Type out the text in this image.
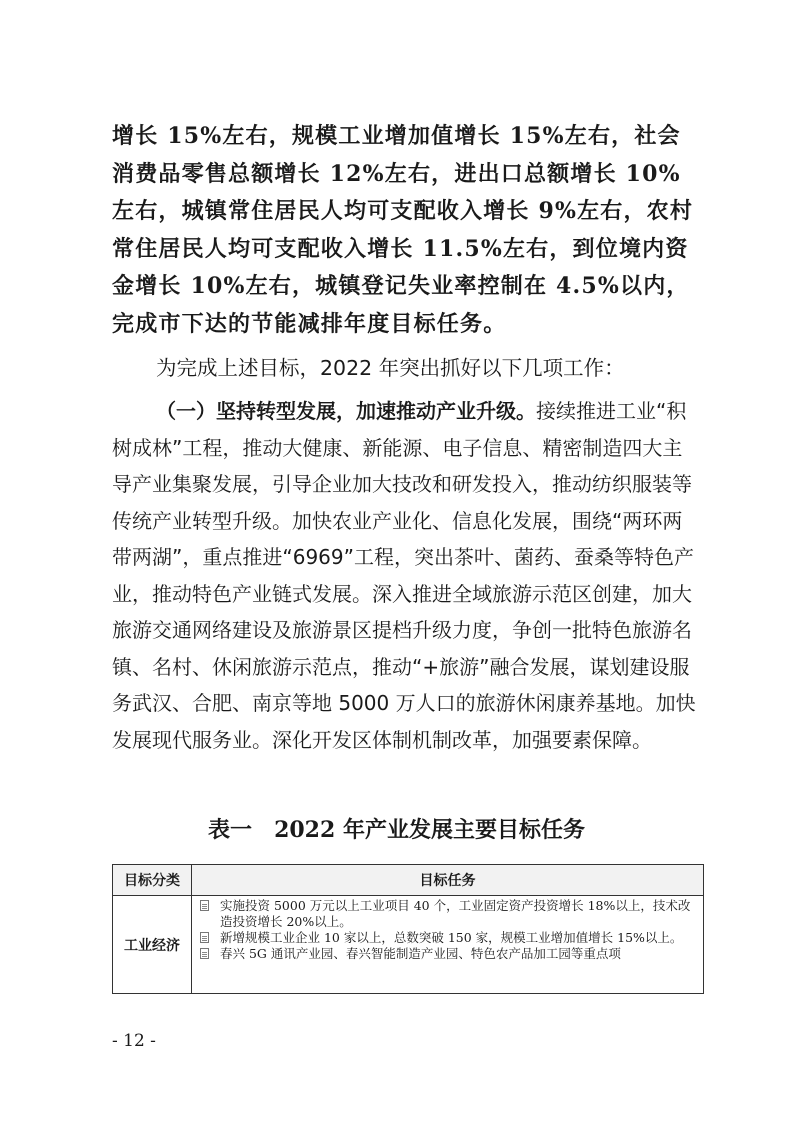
增长 15%左右，规模工业增加值增长 15%左右，社会消费品零售总额增长 12%左右，进出口总额增长 10%左右，城镇常住居民人均可支配收入增长 9%左右，农村常住居民人均可支配收入增长 11.5%左右，到位境内资金增长 10%左右，城镇登记失业率控制在 4.5%以内，完成市下达的节能减排年度目标任务。
为完成上述目标，2022 年突出抓好以下几项工作：
（一）坚持转型发展，加速推动产业升级。接续推进工业“积树成林”工程，推动大健康、新能源、电子信息、精密制造四大主导产业集聚发展，引导企业加大技改和研发投入，推动纺织服装等传统产业转型升级。加快农业产业化、信息化发展，围绕“两环两带两湖”，重点推进“6969”工程，突出茶叶、菌药、蚕桑等特色产业，推动特色产业链式发展。深入推进全域旅游示范区创建，加大旅游交通网络建设及旅游景区提档升级力度，争创一批特色旅游名镇、名村、休闲旅游示范点，推动“+旅游”融合发展，谋划建设服务武汉、合肥、南京等地 5000 万人口的旅游休闲康养基地。加快发展现代服务业。深化开发区体制机制改革，加强要素保障。
表一 2022 年产业发展主要目标任务
目标分类	目标任务
工业经济	实施投资 5000 万元以上工业项目 40 个，工业固定资产投资增长 18%以上，技术改造投资增长 20%以上。
新增规模工业企业 10 家以上，总数突破 150 家，规模工业增加值增长 15%以上。
春兴 5G 通讯产业园、春兴智能制造产业园、特色农产品加工园等重点项
- 12 -
